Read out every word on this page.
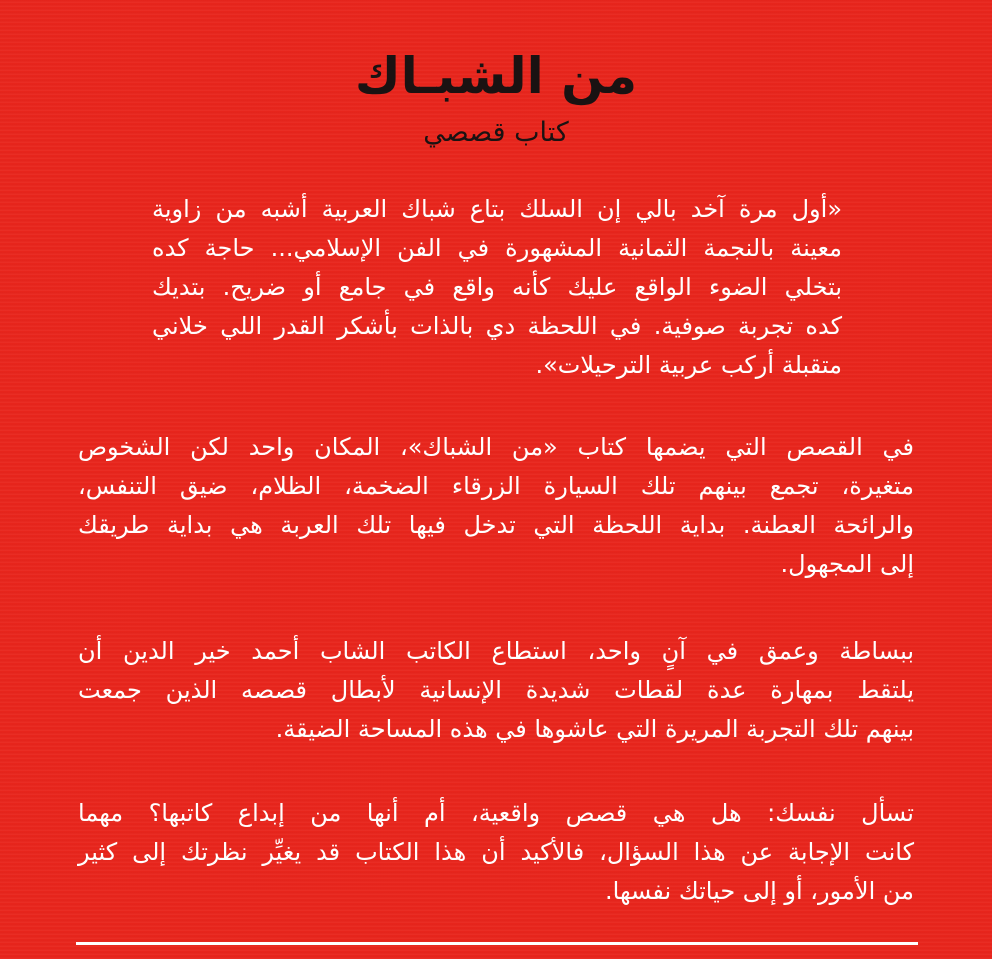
من الشبـاك
كتاب قصصي
«أول مرة آخد بالي إن السلك بتاع شباك العربية أشبه من زاوية
معينة بالنجمة الثمانية المشهورة في الفن الإسلامي... حاجة كده
بتخلي الضوء الواقع عليك كأنه واقع في جامع أو ضريح. بتديك
كده تجربة صوفية. في اللحظة دي بالذات بأشكر القدر اللي خلاني
متقبلة أركب عربية الترحيلات».
في القصص التي يضمها كتاب «من الشباك»، المكان واحد لكن الشخوص
متغيرة، تجمع بينهم تلك السيارة الزرقاء الضخمة، الظلام، ضيق التنفس،
والرائحة العطنة. بداية اللحظة التي تدخل فيها تلك العربة هي بداية طريقك
إلى المجهول.
ببساطة وعمق في آنٍ واحد، استطاع الكاتب الشاب أحمد خير الدين أن
يلتقط بمهارة عدة لقطات شديدة الإنسانية لأبطال قصصه الذين جمعت
بينهم تلك التجربة المريرة التي عاشوها في هذه المساحة الضيقة.
تسأل نفسك: هل هي قصص واقعية، أم أنها من إبداع كاتبها؟ مهما
كانت الإجابة عن هذا السؤال، فالأكيد أن هذا الكتاب قد يغيِّر نظرتك إلى كثير
من الأمور، أو إلى حياتك نفسها.
